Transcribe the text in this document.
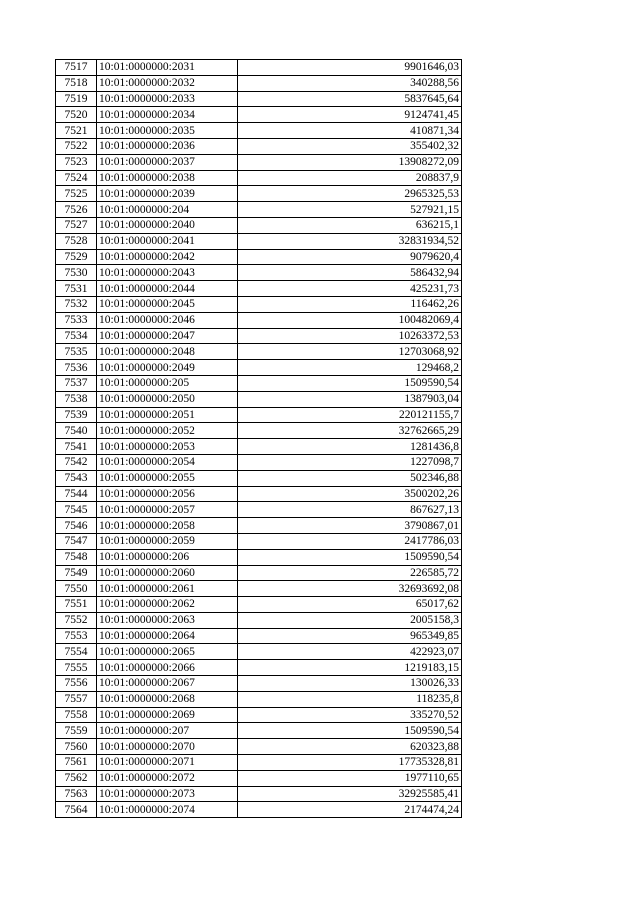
7517	10:01:0000000:2031	9901646,03
7518	10:01:0000000:2032	340288,56
7519	10:01:0000000:2033	5837645,64
7520	10:01:0000000:2034	9124741,45
7521	10:01:0000000:2035	410871,34
7522	10:01:0000000:2036	355402,32
7523	10:01:0000000:2037	13908272,09
7524	10:01:0000000:2038	208837,9
7525	10:01:0000000:2039	2965325,53
7526	10:01:0000000:204	527921,15
7527	10:01:0000000:2040	636215,1
7528	10:01:0000000:2041	32831934,52
7529	10:01:0000000:2042	9079620,4
7530	10:01:0000000:2043	586432,94
7531	10:01:0000000:2044	425231,73
7532	10:01:0000000:2045	116462,26
7533	10:01:0000000:2046	100482069,4
7534	10:01:0000000:2047	10263372,53
7535	10:01:0000000:2048	12703068,92
7536	10:01:0000000:2049	129468,2
7537	10:01:0000000:205	1509590,54
7538	10:01:0000000:2050	1387903,04
7539	10:01:0000000:2051	220121155,7
7540	10:01:0000000:2052	32762665,29
7541	10:01:0000000:2053	1281436,8
7542	10:01:0000000:2054	1227098,7
7543	10:01:0000000:2055	502346,88
7544	10:01:0000000:2056	3500202,26
7545	10:01:0000000:2057	867627,13
7546	10:01:0000000:2058	3790867,01
7547	10:01:0000000:2059	2417786,03
7548	10:01:0000000:206	1509590,54
7549	10:01:0000000:2060	226585,72
7550	10:01:0000000:2061	32693692,08
7551	10:01:0000000:2062	65017,62
7552	10:01:0000000:2063	2005158,3
7553	10:01:0000000:2064	965349,85
7554	10:01:0000000:2065	422923,07
7555	10:01:0000000:2066	1219183,15
7556	10:01:0000000:2067	130026,33
7557	10:01:0000000:2068	118235,8
7558	10:01:0000000:2069	335270,52
7559	10:01:0000000:207	1509590,54
7560	10:01:0000000:2070	620323,88
7561	10:01:0000000:2071	17735328,81
7562	10:01:0000000:2072	1977110,65
7563	10:01:0000000:2073	32925585,41
7564	10:01:0000000:2074	2174474,24
